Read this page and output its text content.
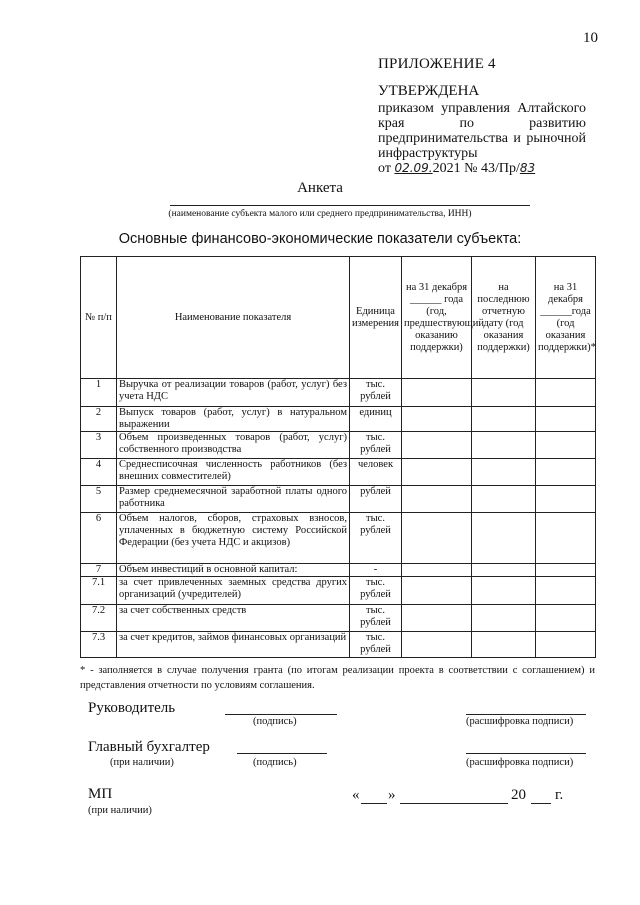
10
ПРИЛОЖЕНИЕ 4
УТВЕРЖДЕНА
приказом управления Алтайского края по развитию предпринимательства и рыночной инфраструктуры
от 02.09.2021 № 43/Пр/83
Анкета
(наименование субъекта малого или среднего предпринимательства, ИНН)
Основные финансово-экономические показатели субъекта:
№ п/п	Наименование показателя	Единица измерения	на 31 декабря ______ года (год, предшествующий оказанию поддержки)	на последнюю отчетную дату (год оказания поддержки)	на 31 декабря ______года (год оказания поддержки)*
1	Выручка от реализации товаров (работ, услуг) без учета НДС	тыс. рублей			
2	Выпуск товаров (работ, услуг) в натуральном выражении	единиц			
3	Объем произведенных товаров (работ, услуг) собственного производства	тыс. рублей			
4	Среднесписочная численность работников (без внешних совместителей)	человек			
5	Размер среднемесячной заработной платы одного работника	рублей			
6	Объем налогов, сборов, страховых взносов, уплаченных в бюджетную систему Российской Федерации (без учета НДС и акцизов)	тыс. рублей			
7	Объем инвестиций в основной капитал:	-			
7.1	за счет привлеченных заемных средства других организаций (учредителей)	тыс. рублей			
7.2	за счет собственных средств	тыс. рублей			
7.3	за счет кредитов, займов финансовых организаций	тыс. рублей			
* - заполняется в случае получения гранта (по итогам реализации проекта в соответствии с соглашением) и представления отчетности по условиям соглашения.
Руководитель
(подпись)	(расшифровка подписи)
Главный бухгалтер
(при наличии)	(подпись)	(расшифровка подписи)
МП
(при наличии)
« »	20 г.
